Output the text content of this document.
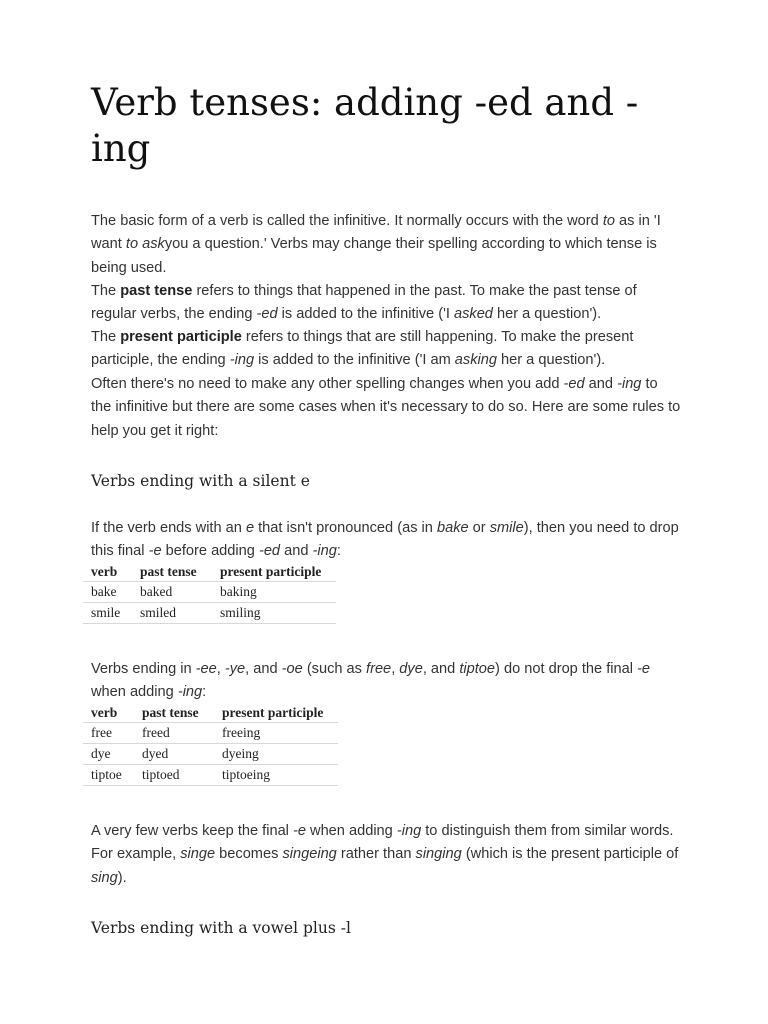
Verb tenses: adding -ed and -ing

The basic form of a verb is called the infinitive. It normally occurs with the word to as in 'I want to askyou a question.' Verbs may change their spelling according to which tense is being used.

The past tense refers to things that happened in the past. To make the past tense of regular verbs, the ending -ed is added to the infinitive ('I asked her a question').

The present participle refers to things that are still happening. To make the present participle, the ending -ing is added to the infinitive ('I am asking her a question').

Often there's no need to make any other spelling changes when you add -ed and -ing to the infinitive but there are some cases when it's necessary to do so. Here are some rules to help you get it right:

Verbs ending with a silent e

If the verb ends with an e that isn't pronounced (as in bake or smile), then you need to drop this final -e before adding -ed and -ing:

verb	past tense	present participle
bake	baked	baking
smile	smiled	smiling

Verbs ending in -ee, -ye, and -oe (such as free, dye, and tiptoe) do not drop the final -e when adding -ing:

verb	past tense	present participle
free	freed	freeing
dye	dyed	dyeing
tiptoe	tiptoed	tiptoeing

A very few verbs keep the final -e when adding -ing to distinguish them from similar words. For example, singe becomes singeing rather than singing (which is the present participle of sing).

Verbs ending with a vowel plus -l
